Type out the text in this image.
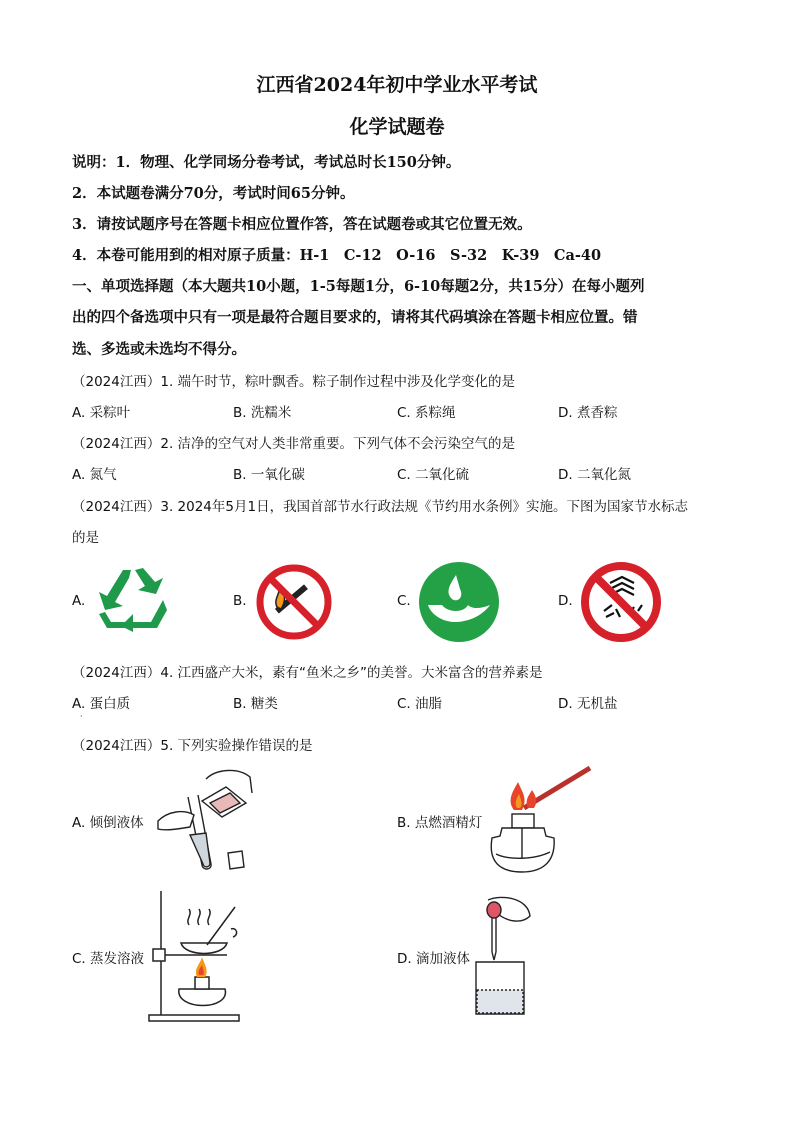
江西省2024年初中学业水平考试
化学试题卷
说明：1．物理、化学同场分卷考试，考试总时长150分钟。
2．本试题卷满分70分，考试时间65分钟。
3．请按试题序号在答题卡相应位置作答，答在试题卷或其它位置无效。
4．本卷可能用到的相对原子质量：H-1　C-12　O-16　S-32　K-39　Ca-40
一、单项选择题（本大题共10小题，1-5每题1分，6-10每题2分，共15分）在每小题列
出的四个备选项中只有一项是最符合题目要求的，请将其代码填涂在答题卡相应位置。错
选、多选或未选均不得分。
（2024江西）1. 端午时节，粽叶飘香。粽子制作过程中涉及化学变化的是
A. 采粽叶	B. 洗糯米	C. 系粽绳	D. 煮香粽
（2024江西）2. 洁净的空气对人类非常重要。下列气体不会污染空气的是
A. 氮气	B. 一氧化碳	C. 二氧化硫	D. 二氧化氮
（2024江西）3. 2024年5月1日，我国首部节水行政法规《节约用水条例》实施。下图为国家节水标志
的是
A.	B.	C.	D.
（2024江西）4. 江西盛产大米，素有“鱼米之乡”的美誉。大米富含的营养素是
A. 蛋白质	B. 糖类	C. 油脂	D. 无机盐
·
（2024江西）5. 下列实验操作错误的是
A. 倾倒液体	B. 点燃酒精灯
C. 蒸发溶液	D. 滴加液体
